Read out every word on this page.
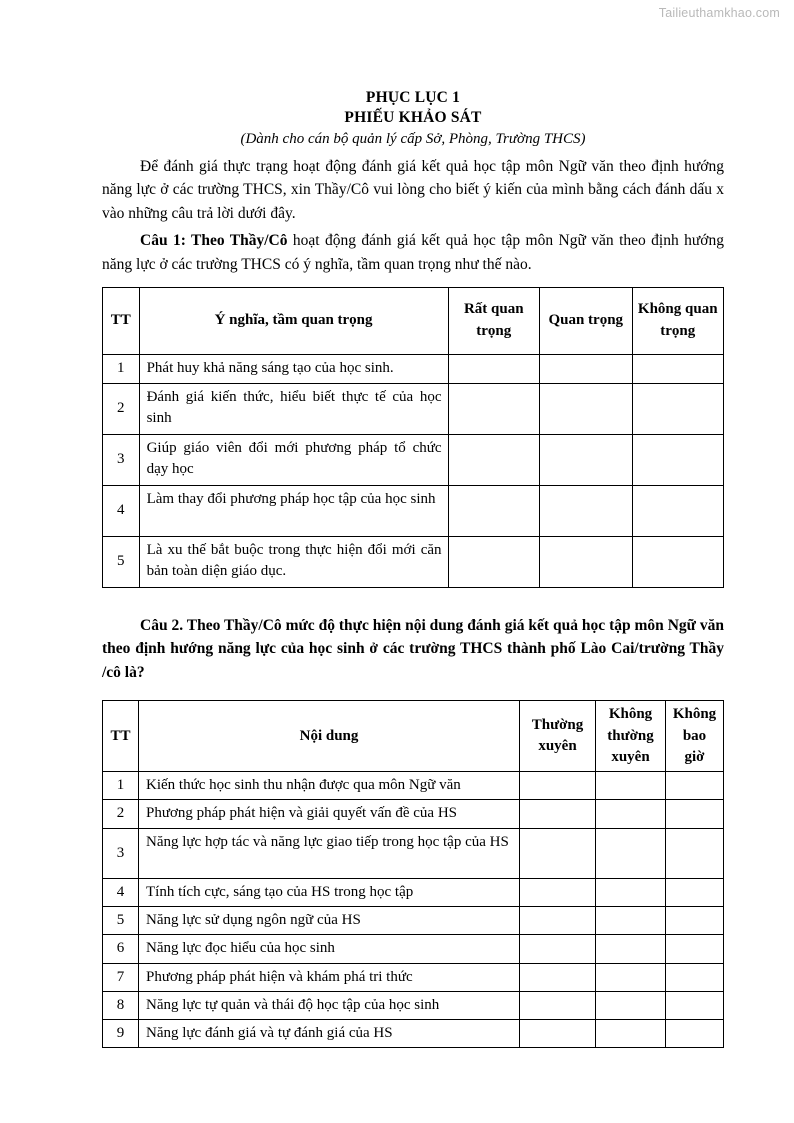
Tailieuthamkhao.com
PHỤC LỤC 1
PHIẾU KHẢO SÁT
(Dành cho cán bộ quản lý cấp Sở, Phòng, Trường THCS)

Để đánh giá thực trạng hoạt động đánh giá kết quả học tập môn Ngữ văn theo định hướng năng lực ở các trường THCS, xin Thầy/Cô vui lòng cho biết ý kiến của mình bằng cách đánh dấu x vào những câu trả lời dưới đây.

Câu 1: Theo Thầy/Cô hoạt động đánh giá kết quả học tập môn Ngữ văn theo định hướng năng lực ở các trường THCS có ý nghĩa, tầm quan trọng như thế nào.

TT	Ý nghĩa, tầm quan trọng	Rất quan trọng	Quan trọng	Không quan trọng
1	Phát huy khả năng sáng tạo của học sinh.			
2	Đánh giá kiến thức, hiểu biết thực tế của học sinh			
3	Giúp giáo viên đổi mới phương pháp tổ chức dạy học			
4	Làm thay đổi phương pháp học tập của học sinh			
5	Là xu thế bắt buộc trong thực hiện đổi mới căn bản toàn diện giáo dục.			

Câu 2. Theo Thầy/Cô mức độ thực hiện nội dung đánh giá kết quả học tập môn Ngữ văn theo định hướng năng lực của học sinh ở các trường THCS thành phố Lào Cai/trường Thầy /cô là?

TT	Nội dung	Thường xuyên	Không thường xuyên	Không bao giờ
1	Kiến thức học sinh thu nhận được qua môn Ngữ văn			
2	Phương pháp phát hiện và giải quyết vấn đề của HS			
3	Năng lực hợp tác và năng lực giao tiếp trong học tập của HS			
4	Tính tích cực, sáng tạo của HS trong học tập			
5	Năng lực sử dụng ngôn ngữ của HS			
6	Năng lực đọc hiểu của học sinh			
7	Phương pháp phát hiện và khám phá tri thức			
8	Năng lực tự quản và thái độ học tập của học sinh			
9	Năng lực đánh giá và tự đánh giá của HS			
